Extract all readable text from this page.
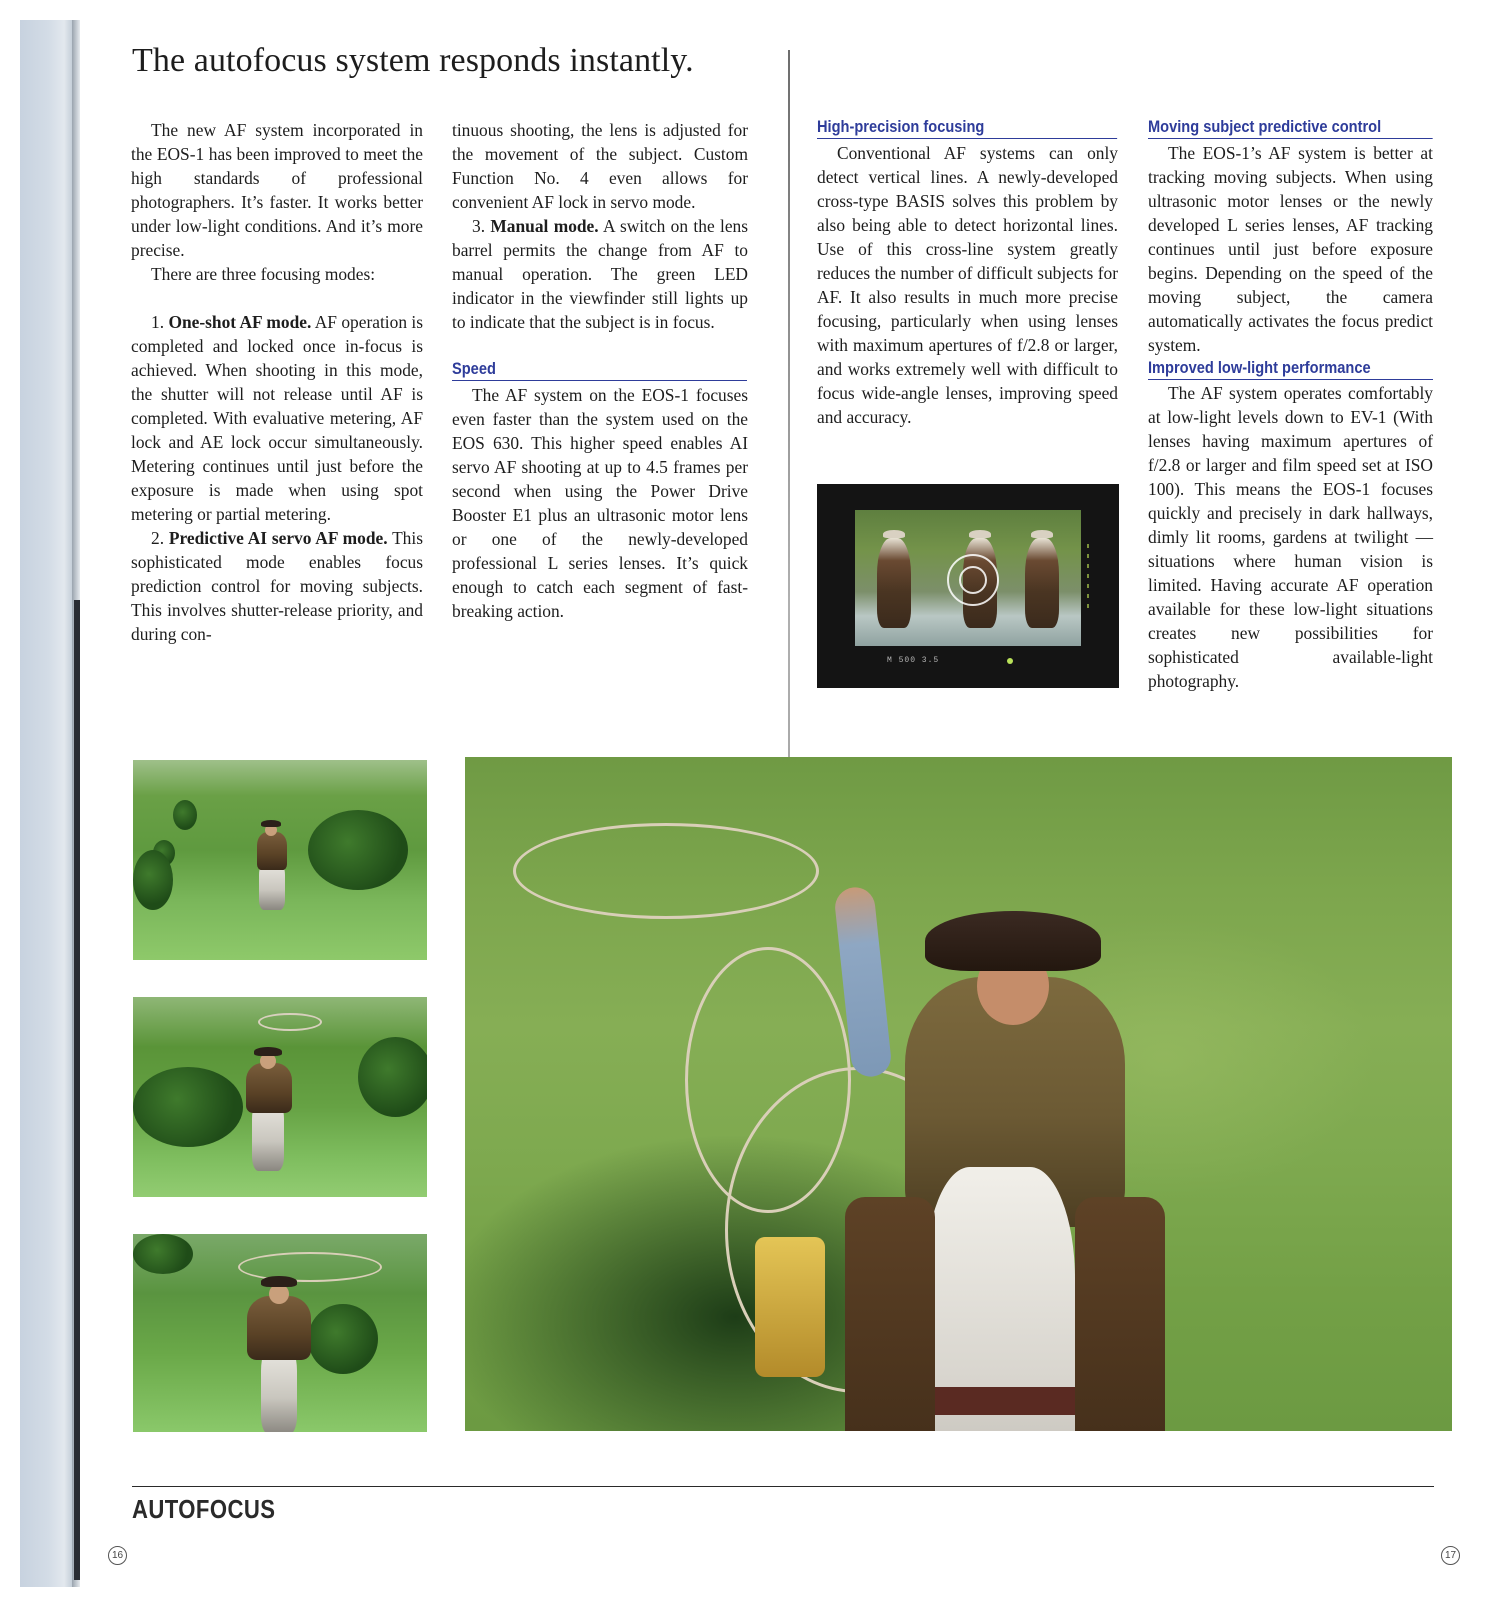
The autofocus system responds instantly.

The new AF system incorporated in the EOS-1 has been improved to meet the high standards of professional photographers. It’s faster. It works better under low-light conditions. And it’s more precise.

There are three focusing modes:

1. One-shot AF mode. AF operation is completed and locked once in-focus is achieved. When shooting in this mode, the shutter will not release until AF is completed. With evaluative metering, AF lock and AE lock occur simultaneously. Metering continues until just before the exposure is made when using spot metering or partial metering.

2. Predictive AI servo AF mode. This sophisticated mode enables focus prediction control for moving subjects. This involves shutter-release priority, and during con-

tinuous shooting, the lens is adjusted for the movement of the subject. Custom Function No. 4 even allows for convenient AF lock in servo mode.

3. Manual mode. A switch on the lens barrel permits the change from AF to manual operation. The green LED indicator in the viewfinder still lights up to indicate that the subject is in focus.

Speed

The AF system on the EOS-1 focuses even faster than the system used on the EOS 630. This higher speed enables AI servo AF shooting at up to 4.5 frames per second when using the Power Drive Booster E1 plus an ultrasonic motor lens or one of the newly-developed professional L series lenses. It’s quick enough to catch each segment of fast-breaking action.

High-precision focusing

Conventional AF systems can only detect vertical lines. A newly-developed cross-type BASIS solves this problem by also being able to detect horizontal lines. Use of this cross-line system greatly reduces the number of difficult subjects for AF. It also results in much more precise focusing, particularly when using lenses with maximum apertures of f/2.8 or larger, and works extremely well with difficult to focus wide-angle lenses, improving speed and accuracy.

M 500 3.5
Moving subject predictive control

The EOS-1’s AF system is better at tracking moving subjects. When using ultrasonic motor lenses or the newly developed L series lenses, AF tracking continues until just before exposure begins. Depending on the speed of the moving subject, the camera automatically activates the focus predict system.

Improved low-light performance

The AF system operates comfortably at low-light levels down to EV-1 (With lenses having maximum apertures of f/2.8 or larger and film speed set at ISO 100). This means the EOS-1 focuses quickly and precisely in dark hallways, dimly lit rooms, gardens at twilight — situations where human vision is limited. Having accurate AF operation available for these low-light situations creates new possibilities for sophisticated available-light photography.

AUTOFOCUS
16	17
